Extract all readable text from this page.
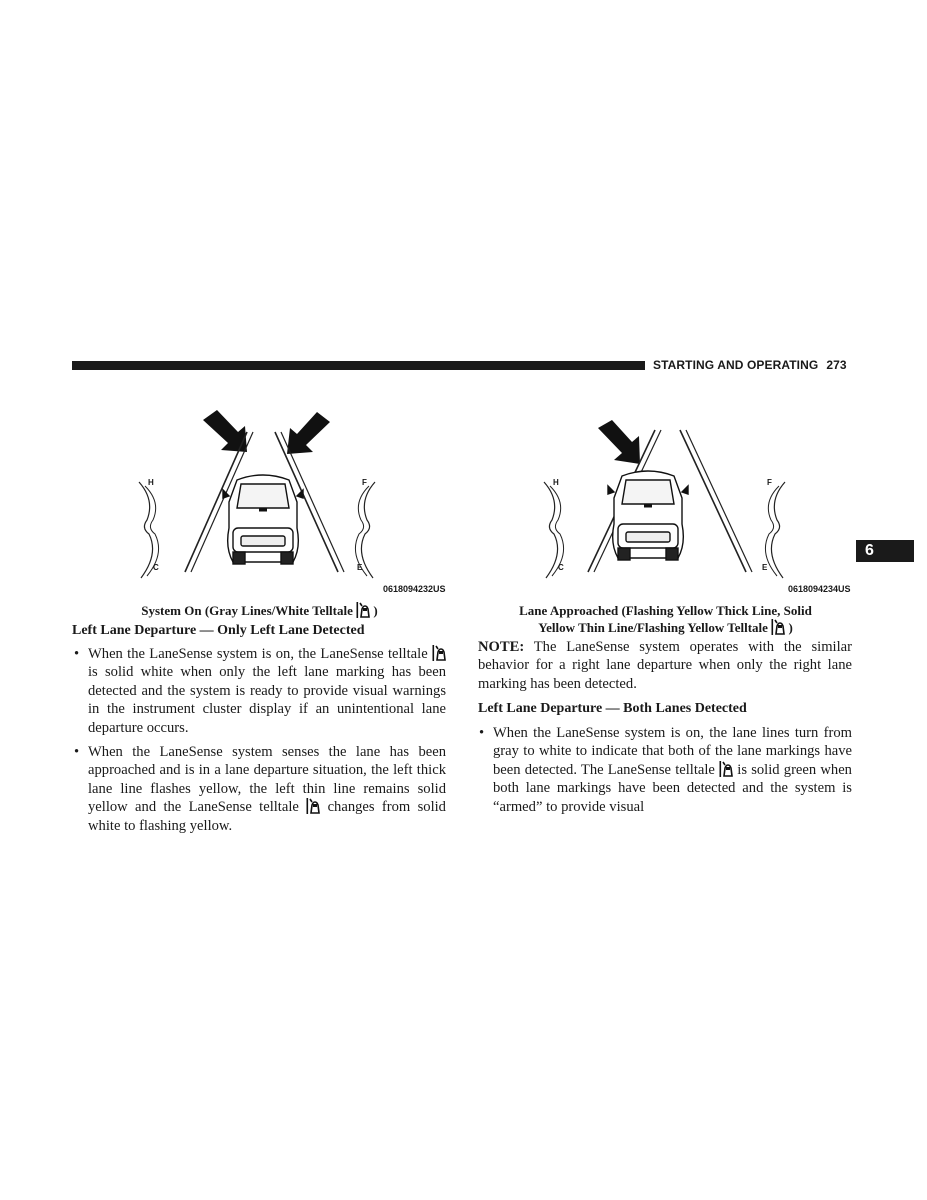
STARTING AND OPERATING 273
6
H
C
F
E
0618094232US
System On (Gray Lines/White Telltale )
H
C
F
E
0618094234US
Lane Approached (Flashing Yellow Thick Line, Solid
Yellow Thin Line/Flashing Yellow Telltale )
Left Lane Departure — Only Left Lane Detected
• When the LaneSense system is on, the LaneSense telltale
is solid white when only the left lane marking has been detected and the system is ready to provide visual warnings in the instrument cluster display if an unintentional lane departure occurs.
• When the LaneSense system senses the lane has been approached and is in a lane departure situation, the left thick lane line flashes yellow, the left thin line remains solid yellow and the LaneSense telltale changes from solid white to flashing yellow.
NOTE: The LaneSense system operates with the similar behavior for a right lane departure when only the right lane marking has been detected.
Left Lane Departure — Both Lanes Detected
• When the LaneSense system is on, the lane lines turn from gray to white to indicate that both of the lane markings have been detected. The LaneSense telltale is solid green when both lane markings have been detected and the system is “armed” to provide visual
